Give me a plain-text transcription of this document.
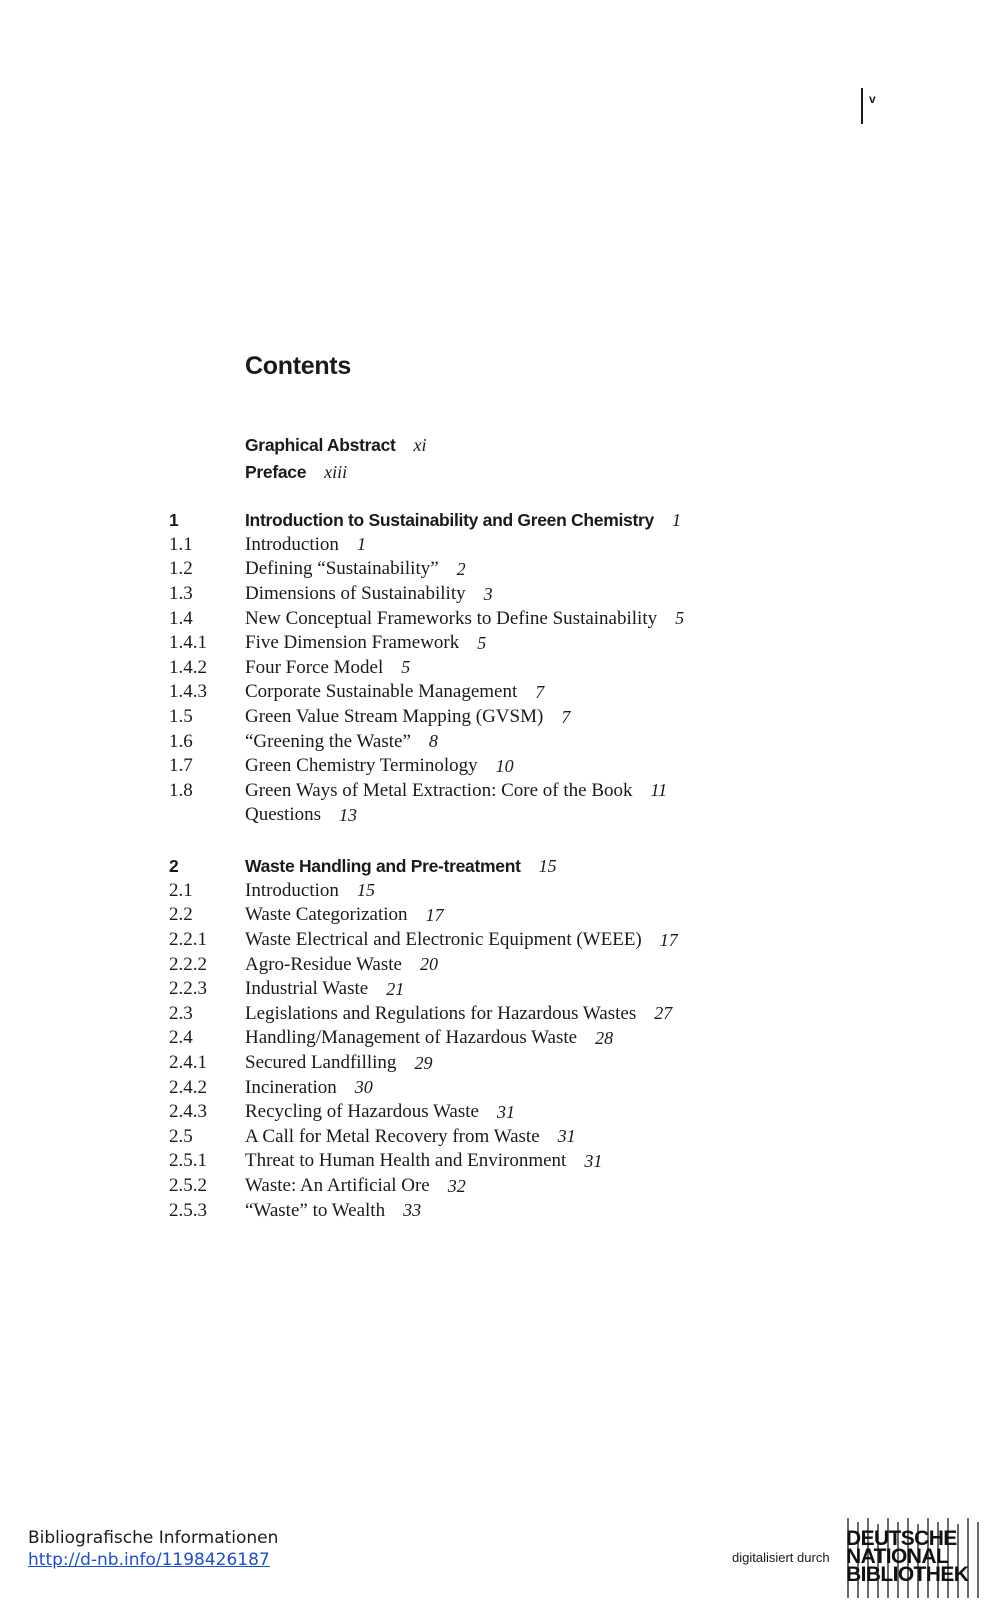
v
Contents
Graphical Abstract xi
Preface xiii
1	Introduction to Sustainability and Green Chemistry 1
1.1	Introduction 1
1.2	Defining “Sustainability” 2
1.3	Dimensions of Sustainability 3
1.4	New Conceptual Frameworks to Define Sustainability 5
1.4.1 Five Dimension Framework 5
1.4.2 Four Force Model 5
1.4.3 Corporate Sustainable Management 7
1.5	Green Value Stream Mapping (GVSM) 7
1.6	“Greening the Waste” 8
1.7	Green Chemistry Terminology 10
1.8	Green Ways of Metal Extraction: Core of the Book 11
Questions 13
2	Waste Handling and Pre-treatment 15
2.1	Introduction 15
2.2	Waste Categorization 17
2.2.1 Waste Electrical and Electronic Equipment (WEEE) 17
2.2.2 Agro-Residue Waste 20
2.2.3 Industrial Waste 21
2.3	Legislations and Regulations for Hazardous Wastes 27
2.4	Handling/Management of Hazardous Waste 28
2.4.1 Secured Landfilling 29
2.4.2 Incineration 30
2.4.3 Recycling of Hazardous Waste 31
2.5	A Call for Metal Recovery from Waste 31
2.5.1 Threat to Human Health and Environment 31
2.5.2 Waste: An Artificial Ore 32
2.5.3 “Waste” to Wealth 33
Bibliografische Informationen
http://d-nb.info/1198426187	digitalisiert durch
DEUTSCHE
NATIONAL
BIBLIOTHEK
